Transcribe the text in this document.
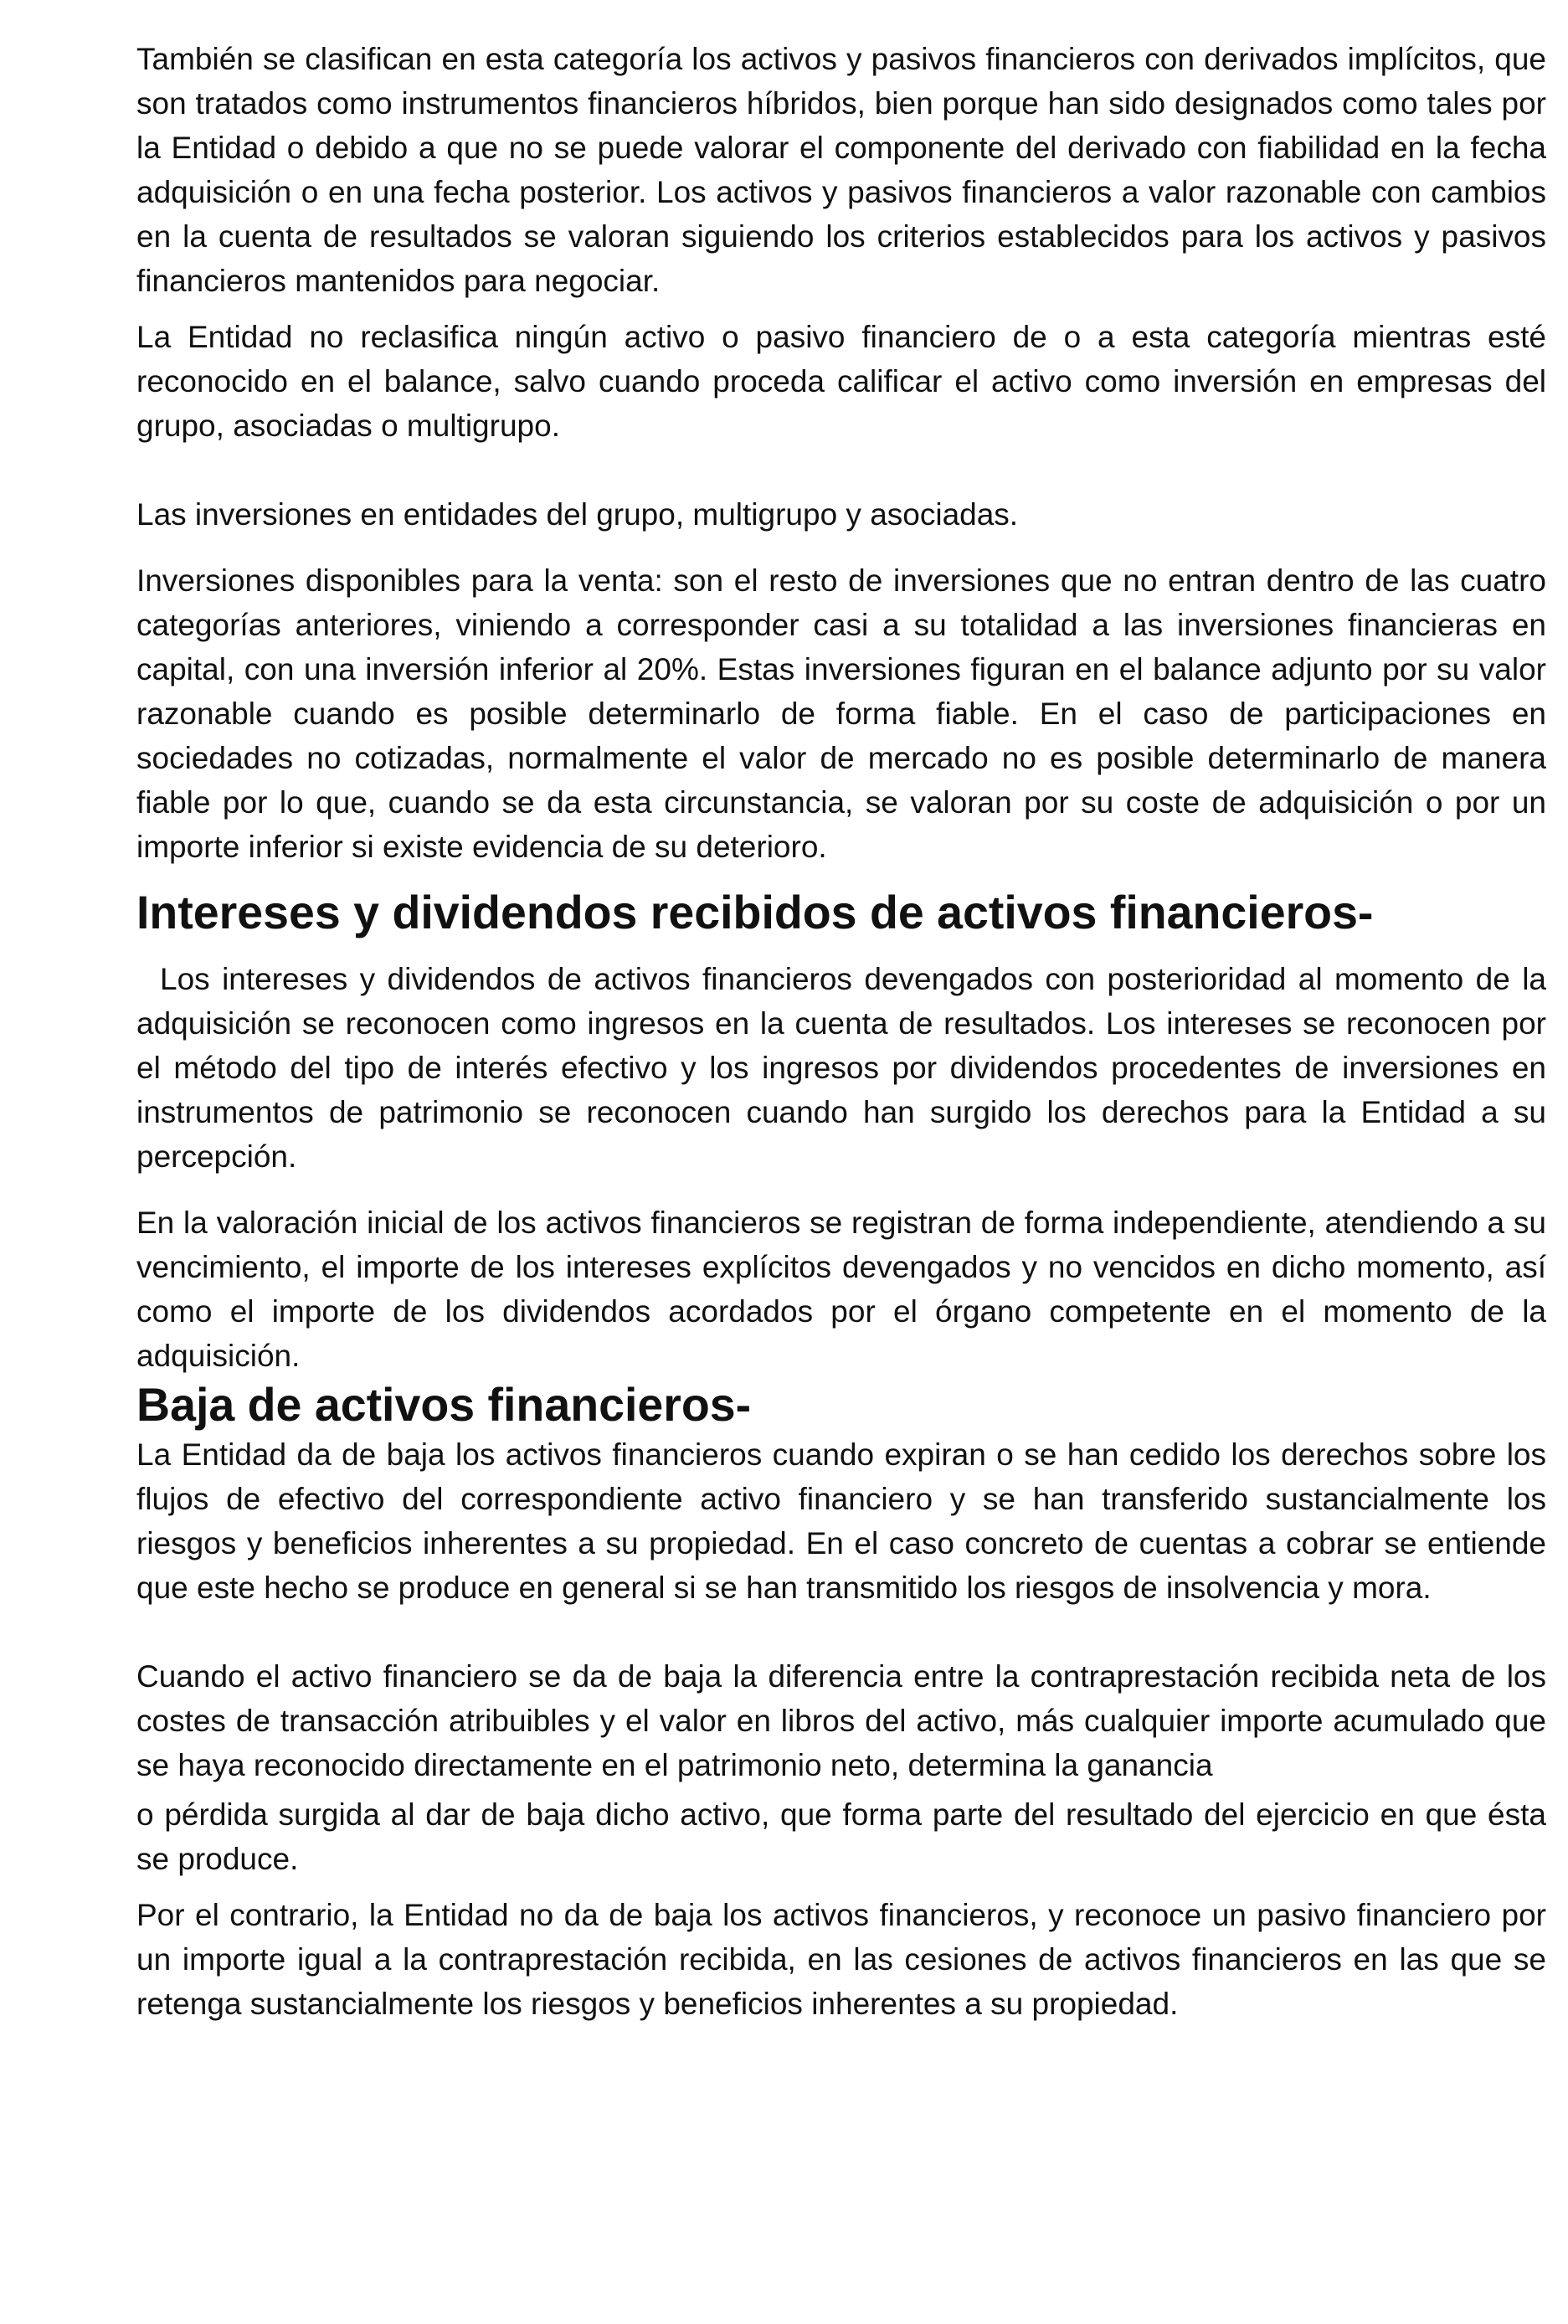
También se clasifican en esta categoría los activos y pasivos financieros con derivados implícitos, que son tratados como instrumentos financieros híbridos, bien porque han sido designados como tales por la Entidad o debido a que no se puede valorar el componente del derivado con fiabilidad en la fecha adquisición o en una fecha posterior. Los activos y pasivos financieros a valor razonable con cambios en la cuenta de resultados se valoran siguiendo los criterios establecidos para los activos y pasivos financieros mantenidos para negociar.

La Entidad no reclasifica ningún activo o pasivo financiero de o a esta categoría mientras esté reconocido en el balance, salvo cuando proceda calificar el activo como inversión en empresas del grupo, asociadas o multigrupo.

Las inversiones en entidades del grupo, multigrupo y asociadas.

Inversiones disponibles para la venta: son el resto de inversiones que no entran dentro de las cuatro categorías anteriores, viniendo a corresponder casi a su totalidad a las inversiones financieras en capital, con una inversión inferior al 20%. Estas inversiones figuran en el balance adjunto por su valor razonable cuando es posible determinarlo de forma fiable. En el caso de participaciones en sociedades no cotizadas, normalmente el valor de mercado no es posible determinarlo de manera fiable por lo que, cuando se da esta circunstancia, se valoran por su coste de adquisición o por un importe inferior si existe evidencia de su deterioro.

Intereses y dividendos recibidos de activos financieros-

Los intereses y dividendos de activos financieros devengados con posterioridad al momento de la adquisición se reconocen como ingresos en la cuenta de resultados. Los intereses se reconocen por el método del tipo de interés efectivo y los ingresos por dividendos procedentes de inversiones en instrumentos de patrimonio se reconocen cuando han surgido los derechos para la Entidad a su percepción.

En la valoración inicial de los activos financieros se registran de forma independiente, atendiendo a su vencimiento, el importe de los intereses explícitos devengados y no vencidos en dicho momento, así como el importe de los dividendos acordados por el órgano competente en el momento de la adquisición.

Baja de activos financieros-

La Entidad da de baja los activos financieros cuando expiran o se han cedido los derechos sobre los flujos de efectivo del correspondiente activo financiero y se han transferido sustancialmente los riesgos y beneficios inherentes a su propiedad. En el caso concreto de cuentas a cobrar se entiende que este hecho se produce en general si se han transmitido los riesgos de insolvencia y mora.

Cuando el activo financiero se da de baja la diferencia entre la contraprestación recibida neta de los costes de transacción atribuibles y el valor en libros del activo, más cualquier importe acumulado que se haya reconocido directamente en el patrimonio neto, determina la ganancia

o pérdida surgida al dar de baja dicho activo, que forma parte del resultado del ejercicio en que ésta se produce.

Por el contrario, la Entidad no da de baja los activos financieros, y reconoce un pasivo financiero por un importe igual a la contraprestación recibida, en las cesiones de activos financieros en las que se retenga sustancialmente los riesgos y beneficios inherentes a su propiedad.
